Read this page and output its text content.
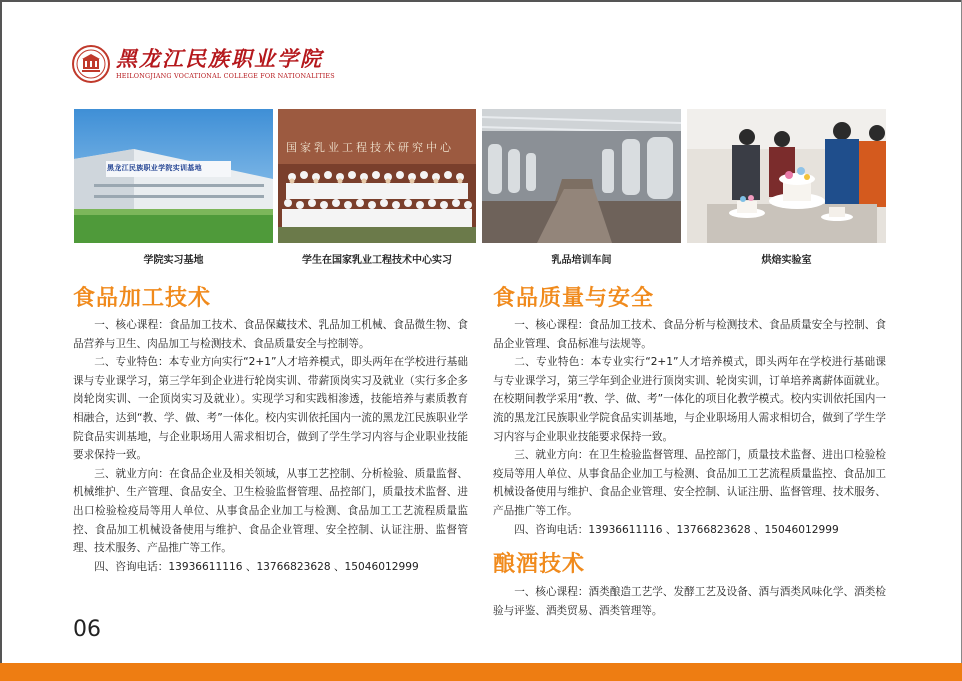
黑龙江民族职业学院
HEILONGJIANG VOCATIONAL COLLEGE FOR NATIONALITIES
黑龙江民族职业学院实训基地
国家乳业工程技术研究中心
学院实习基地	学生在国家乳业工程技术中心实习	乳品培训车间	烘焙实验室
食品加工技术

一、核心课程：食品加工技术、食品保藏技术、乳品加工机械、食品微生物、食品营养与卫生、肉品加工与检测技术、食品质量安全与控制等。

二、专业特色：本专业方向实行“2+1”人才培养模式，即头两年在学校进行基础课与专业课学习，第三学年到企业进行轮岗实训、带薪顶岗实习及就业（实行多企多岗轮岗实训、一企顶岗实习及就业）。实现学习和实践相渗透，技能培养与素质教育相融合，达到“教、学、做、考”一体化。校内实训依托国内一流的黑龙江民族职业学院食品实训基地，与企业职场用人需求相切合，做到了学生学习内容与企业职业技能要求保持一致。

三、就业方向：在食品企业及相关领域，从事工艺控制、分析检验、质量监督、机械维护、生产管理、食品安全、卫生检验监督管理、品控部门，质量技术监督、进出口检验检疫局等用人单位、从事食品企业加工与检测、食品加工工艺流程质量监控、食品加工机械设备使用与维护、食品企业管理、安全控制、认证注册、监督管理、技术服务、产品推广等工作。

四、咨询电话：13936611116 、13766823628 、15046012999

食品质量与安全

一、核心课程：食品加工技术、食品分析与检测技术、食品质量安全与控制、食品企业管理、食品标准与法规等。

二、专业特色：本专业实行“2+1”人才培养模式，即头两年在学校进行基础课与专业课学习，第三学年到企业进行顶岗实训、轮岗实训，订单培养离薪体面就业。在校期间教学采用“教、学、做、考”一体化的项目化教学模式。校内实训依托国内一流的黑龙江民族职业学院食品实训基地，与企业职场用人需求相切合，做到了学生学习内容与企业职业技能要求保持一致。

三、就业方向：在卫生检验监督管理、品控部门，质量技术监督、进出口检验检疫局等用人单位、从事食品企业加工与检测、食品加工工艺流程质量监控、食品加工机械设备使用与维护、食品企业管理、安全控制、认证注册、监督管理、技术服务、产品推广等工作。

四、咨询电话：13936611116 、13766823628 、15046012999

酿酒技术

一、核心课程：酒类酿造工艺学、发酵工艺及设备、酒与酒类风味化学、酒类检验与评鉴、酒类贸易、酒类管理等。

06
